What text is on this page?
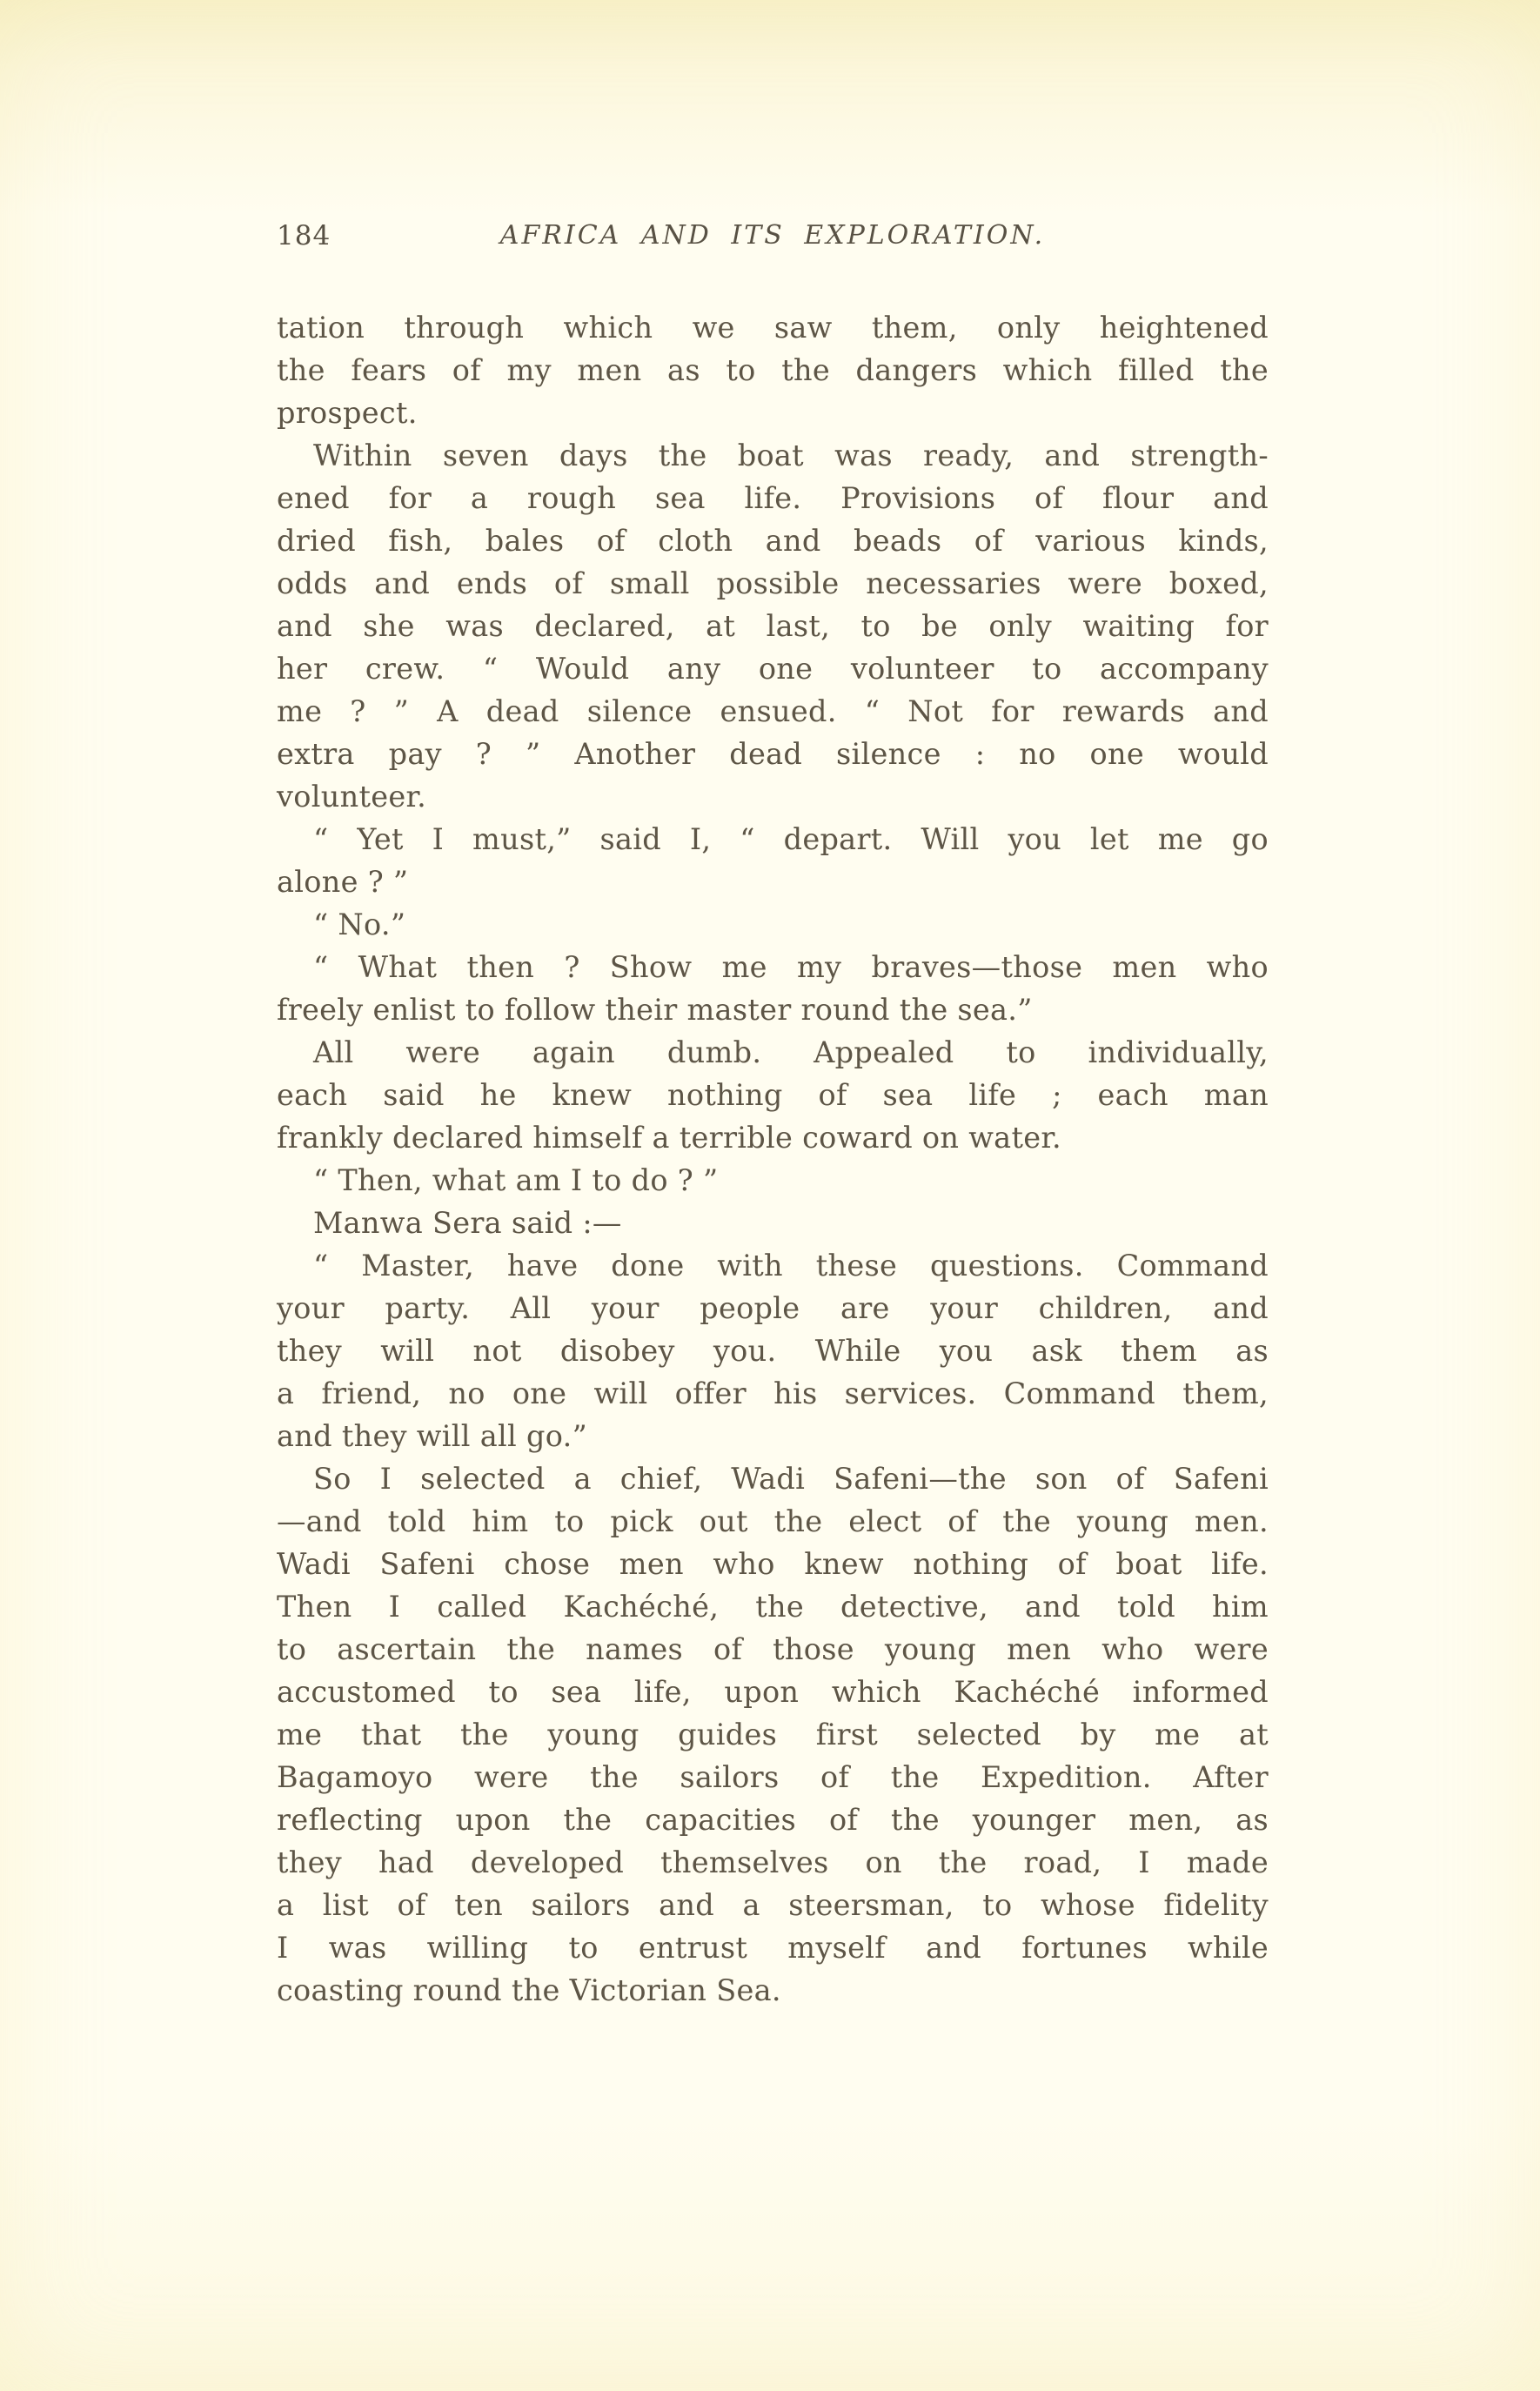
184	AFRICA AND ITS EXPLORATION.
tation through which we saw them, only heightened
the fears of my men as to the dangers which filled the
prospect.
Within seven days the boat was ready, and strength-
ened for a rough sea life. Provisions of flour and
dried fish, bales of cloth and beads of various kinds,
odds and ends of small possible necessaries were boxed,
and she was declared, at last, to be only waiting for
her crew. “ Would any one volunteer to accompany
me ? ” A dead silence ensued. “ Not for rewards and
extra pay ? ” Another dead silence : no one would
volunteer.
“ Yet I must,” said I, “ depart. Will you let me go
alone ? ”
“ No.”
“ What then ? Show me my braves—those men who
freely enlist to follow their master round the sea.”
All were again dumb. Appealed to individually,
each said he knew nothing of sea life ; each man
frankly declared himself a terrible coward on water.
“ Then, what am I to do ? ”
Manwa Sera said :—
“ Master, have done with these questions. Command
your party. All your people are your children, and
they will not disobey you. While you ask them as
a friend, no one will offer his services. Command them,
and they will all go.”
So I selected a chief, Wadi Safeni—the son of Safeni
—and told him to pick out the elect of the young men.
Wadi Safeni chose men who knew nothing of boat life.
Then I called Kachéché, the detective, and told him
to ascertain the names of those young men who were
accustomed to sea life, upon which Kachéché informed
me that the young guides first selected by me at
Bagamoyo were the sailors of the Expedition. After
reflecting upon the capacities of the younger men, as
they had developed themselves on the road, I made
a list of ten sailors and a steersman, to whose fidelity
I was willing to entrust myself and fortunes while
coasting round the Victorian Sea.
